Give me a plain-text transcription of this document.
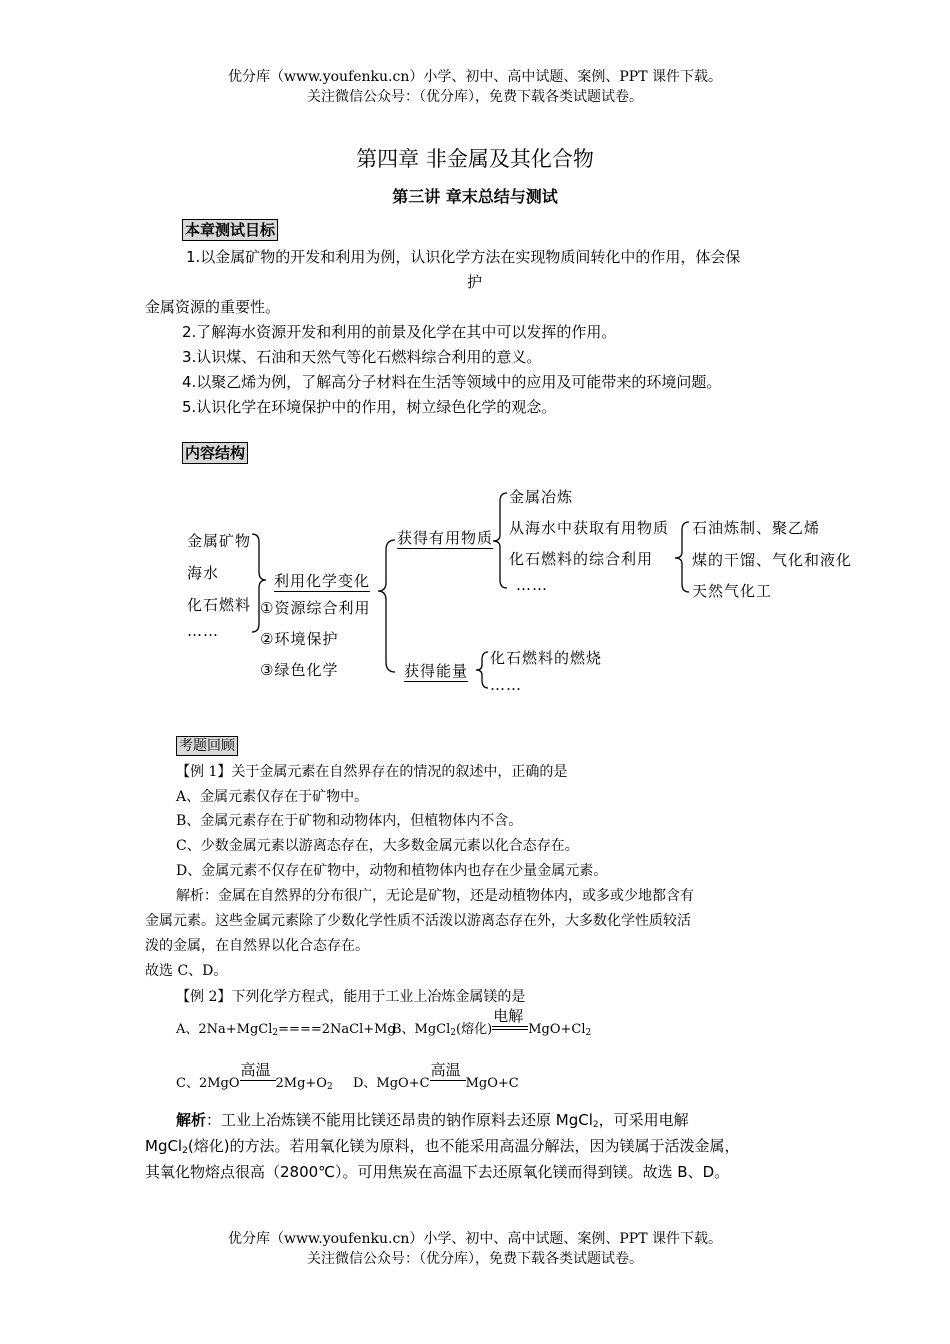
优分库（www.youfenku.cn）小学、初中、高中试题、案例、PPT 课件下载。
关注微信公众号：（优分库），免费下载各类试题试卷。
第四章 非金属及其化合物
第三讲 章末总结与测试
本章测试目标
1.以金属矿物的开发和利用为例，认识化学方法在实现物质间转化中的作用，体会保
护
金属资源的重要性。
2.了解海水资源开发和利用的前景及化学在其中可以发挥的作用。
3.认识煤、石油和天然气等化石燃料综合利用的意义。
4.以聚乙烯为例，了解高分子材料在生活等领域中的应用及可能带来的环境问题。
5.认识化学在环境保护中的作用，树立绿色化学的观念。
内容结构
金属矿物
海水
化石燃料
……
利用化学变化
①资源综合利用
②环境保护
③绿色化学
获得有用物质
金属冶炼
从海水中获取有用物质
化石燃料的综合利用
……
石油炼制、聚乙烯
煤的干馏、气化和液化
天然气化工
获得能量
化石燃料的燃烧
……
考题回顾
【例 1】关于金属元素在自然界存在的情况的叙述中，正确的是
A、金属元素仅存在于矿物中。
B、金属元素存在于矿物和动物体内，但植物体内不含。
C、少数金属元素以游离态存在，大多数金属元素以化合态存在。
D、金属元素不仅存在矿物中，动物和植物体内也存在少量金属元素。
解析：金属在自然界的分布很广，无论是矿物，还是动植物体内，或多或少地都含有
金属元素。这些金属元素除了少数化学性质不活泼以游离态存在外，大多数化学性质较活
泼的金属，在自然界以化合态存在。
故选 C、D。
【例 2】下列化学方程式，能用于工业上冶炼金属镁的是
A、2Na+MgCl$_2$====2NaCl+Mg
B、MgCl$_2$(熔化)
电解
$MgO+Cl_2$
C、2MgO
高温
$2Mg+O_2$ D、MgO+C
高温
MgO+C
解析：工业上冶炼镁不能用比镁还昂贵的钠作原料去还原 MgCl$_2$，可采用电解
MgCl$_2$(熔化)的方法。若用氧化镁为原料，也不能采用高温分解法，因为镁属于活泼金属，
其氧化物熔点很高（2800℃）。可用焦炭在高温下去还原氧化镁而得到镁。故选 B、D。
优分库（www.youfenku.cn）小学、初中、高中试题、案例、PPT 课件下载。
关注微信公众号：（优分库），免费下载各类试题试卷。
